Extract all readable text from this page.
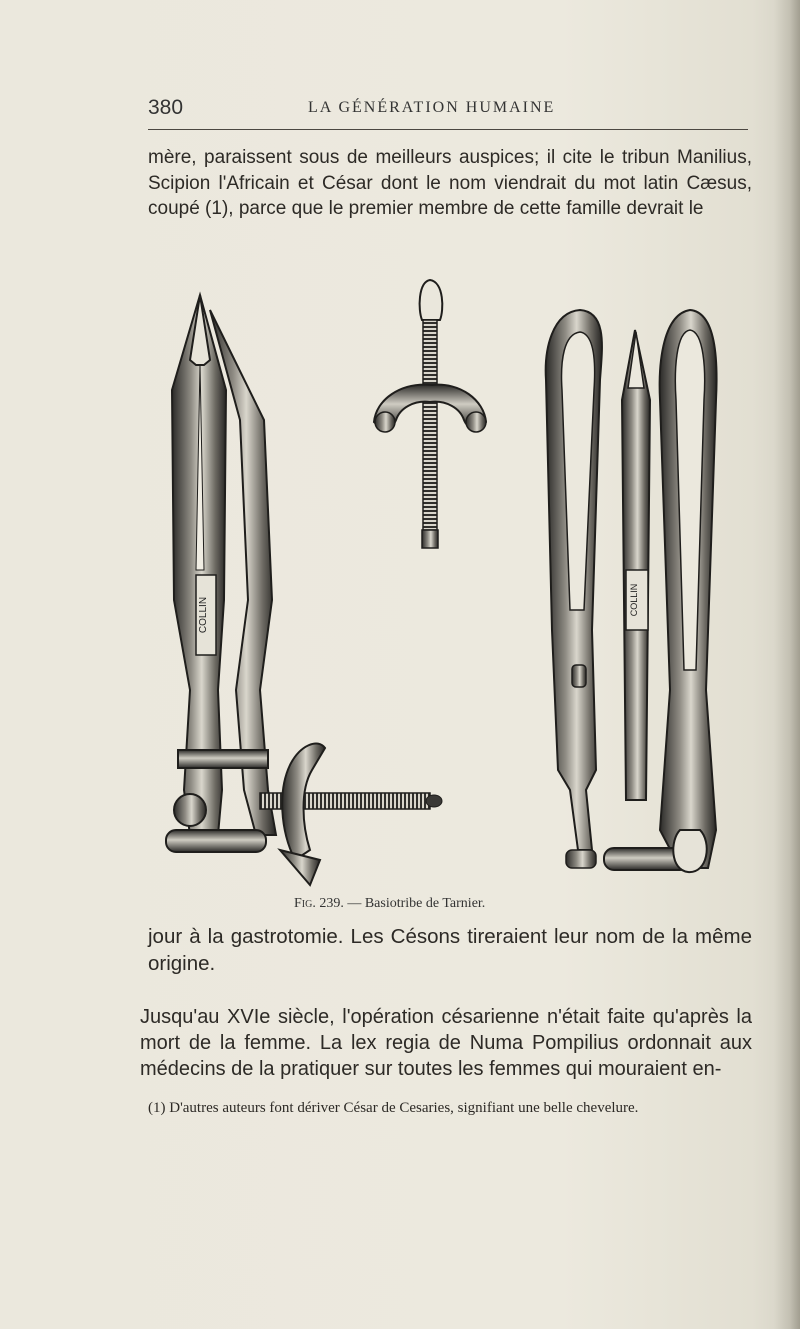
380	LA GÉNÉRATION HUMAINE

mère, paraissent sous de meilleurs auspices; il cite le tribun Manilius, Scipion l'Africain et César dont le nom viendrait du mot latin Cæsus, coupé (1), parce que le premier membre de cette famille devrait le

COLLIN	COLLIN
Fig. 239. — Basiotribe de Tarnier.

jour à la gastrotomie. Les Césons tireraient leur nom de la même origine.

Jusqu'au XVIe siècle, l'opération césarienne n'était faite qu'après la mort de la femme. La lex regia de Numa Pompilius ordonnait aux médecins de la pratiquer sur toutes les femmes qui mouraient en-

(1) D'autres auteurs font dériver César de Cesaries, signifiant une belle chevelure.
